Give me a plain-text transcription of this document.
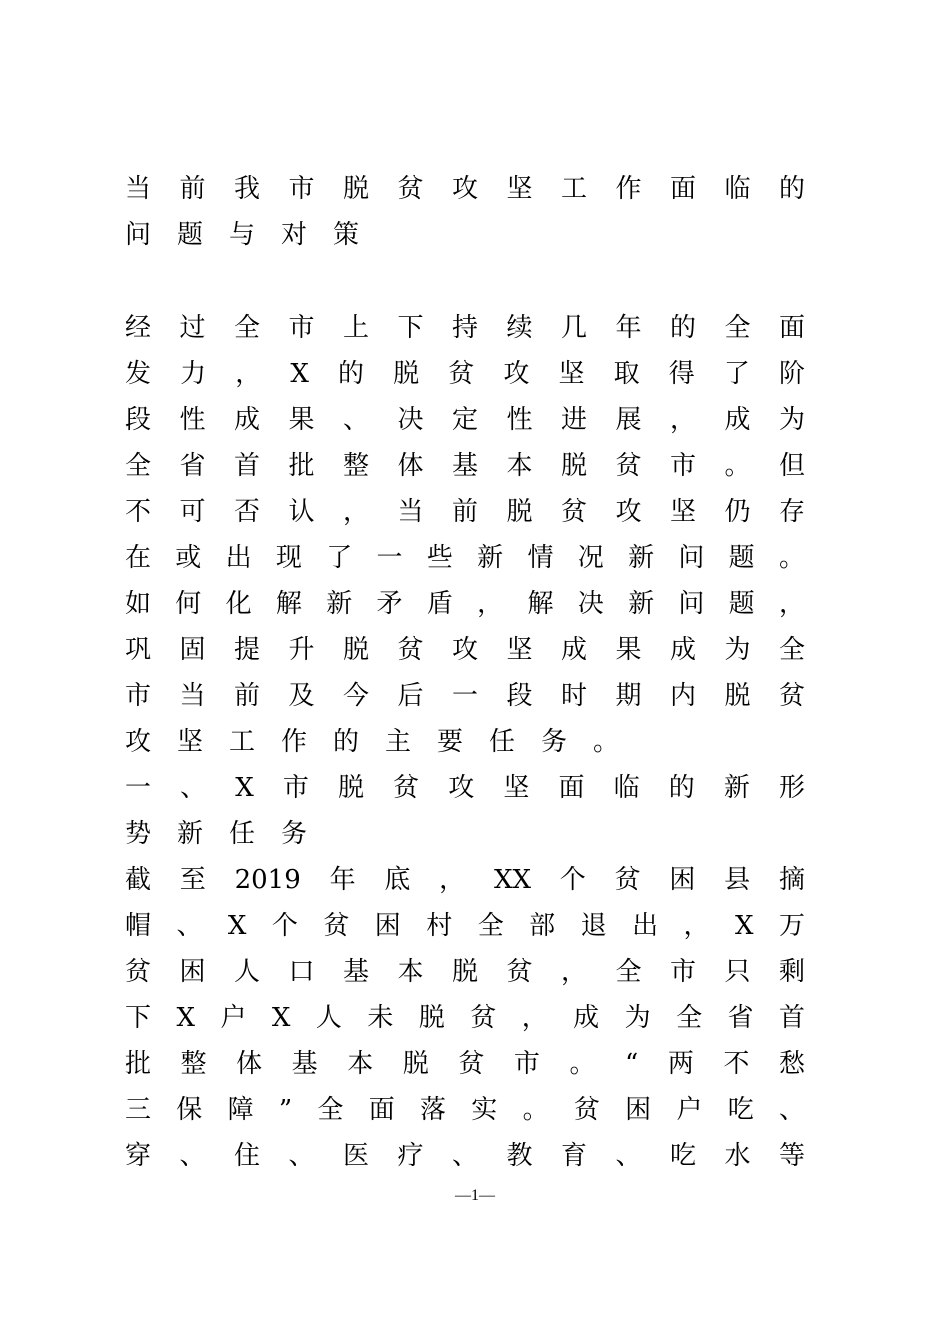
当前我市脱贫攻坚工作面临的
问题与对策
经过全市上下持续几年的全面
发力，X的脱贫攻坚取得了阶
段性成果、决定性进展，成为
全省首批整体基本脱贫市。但
不可否认，当前脱贫攻坚仍存
在或出现了一些新情况新问题。
如何化解新矛盾，解决新问题，
巩固提升脱贫攻坚成果成为全
市当前及今后一段时期内脱贫
攻坚工作的主要任务。
一、X市脱贫攻坚面临的新形
势新任务
截至2019年底，XX个贫困县摘
帽、X个贫困村全部退出，X万
贫困人口基本脱贫，全市只剩
下X户X人未脱贫，成为全省首
批整体基本脱贫市。“两不愁
三保障”全面落实。贫困户吃、
穿、住、医疗、教育、吃水等
—1—
